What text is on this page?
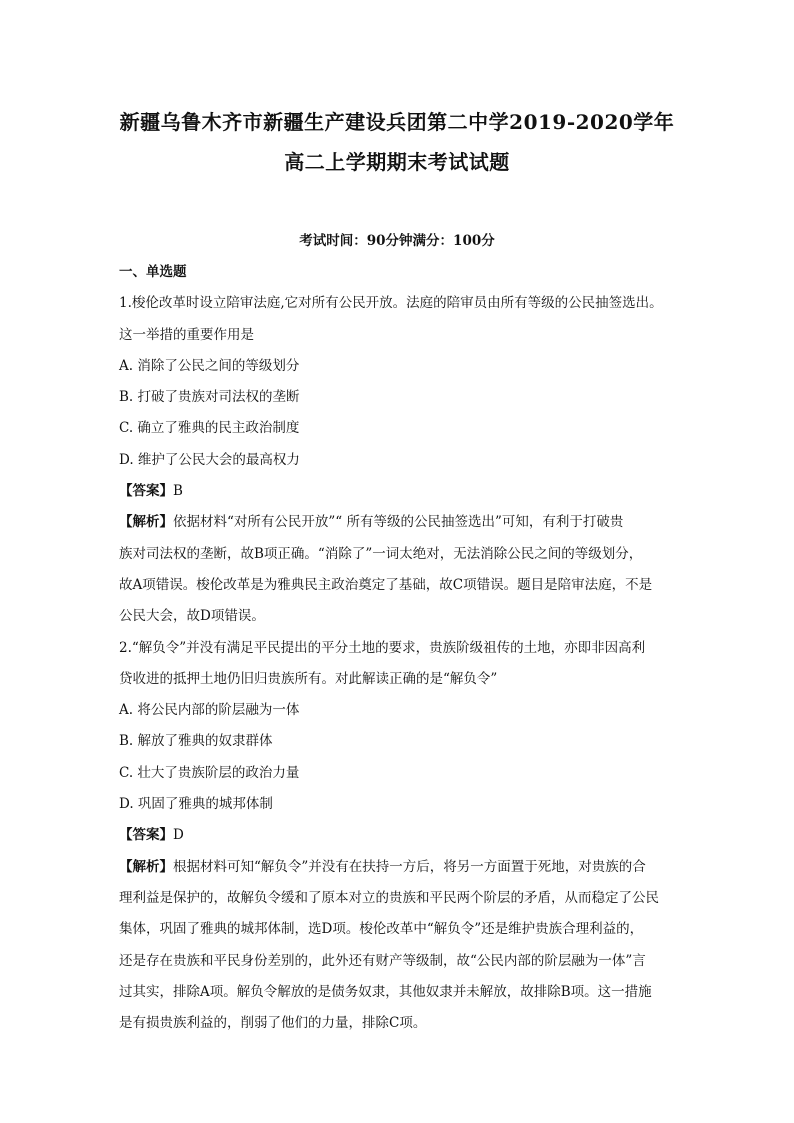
新疆乌鲁木齐市新疆生产建设兵团第二中学2019-2020学年
高二上学期期末考试试题
考试时间：90分钟满分：100分

一、单选题

1.梭伦改革时设立陪审法庭,它对所有公民开放。法庭的陪审员由所有等级的公民抽签选出。

这一举措的重要作用是

A. 消除了公民之间的等级划分

B. 打破了贵族对司法权的垄断

C. 确立了雅典的民主政治制度

D. 维护了公民大会的最高权力

【答案】B

【解析】依据材料“对所有公民开放”“ 所有等级的公民抽签选出”可知，有利于打破贵

族对司法权的垄断，故B项正确。“消除了”一词太绝对，无法消除公民之间的等级划分，

故A项错误。梭伦改革是为雅典民主政治奠定了基础，故C项错误。题目是陪审法庭，不是

公民大会，故D项错误。

2.“解负令”并没有满足平民提出的平分土地的要求，贵族阶级祖传的土地，亦即非因高利

贷收进的抵押土地仍旧归贵族所有。对此解读正确的是“解负令”

A. 将公民内部的阶层融为一体

B. 解放了雅典的奴隶群体

C. 壮大了贵族阶层的政治力量

D. 巩固了雅典的城邦体制

【答案】D

【解析】根据材料可知“解负令”并没有在扶持一方后，将另一方面置于死地，对贵族的合

理利益是保护的，故解负令缓和了原本对立的贵族和平民两个阶层的矛盾，从而稳定了公民

集体，巩固了雅典的城邦体制，选D项。梭伦改革中“解负令”还是维护贵族合理利益的，

还是存在贵族和平民身份差别的，此外还有财产等级制，故“公民内部的阶层融为一体”言

过其实，排除A项。解负令解放的是债务奴隶，其他奴隶并未解放，故排除B项。这一措施

是有损贵族利益的，削弱了他们的力量，排除C项。
